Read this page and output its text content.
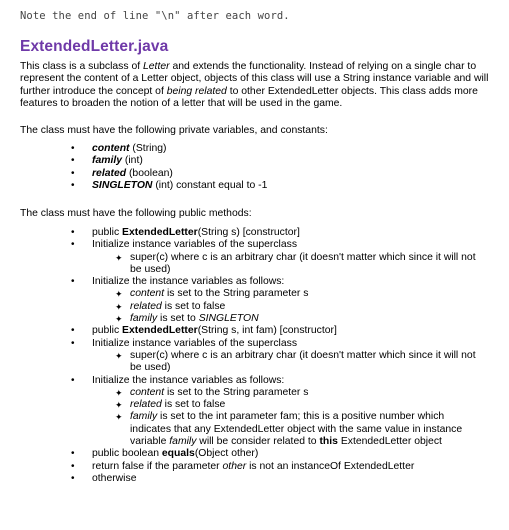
Note the end of line "\n" after each word.
ExtendedLetter.java
This class is a subclass of Letter and extends the functionality. Instead of relying on a single char to represent the content of a Letter object, objects of this class will use a String instance variable and will further introduce the concept of being related to other ExtendedLetter objects. This class adds more features to broaden the notion of a letter that will be used in the game.
The class must have the following private variables, and constants:
• content (String)
• family (int)
• related (boolean)
• SINGLETON (int) constant equal to -1
The class must have the following public methods:
• public ExtendedLetter(String s) [constructor]
• Initialize instance variables of the superclass
✦ super(c) where c is an arbitrary char (it doesn't matter which since it will not be used)
• Initialize the instance variables as follows:
✦ content is set to the String parameter s
✦ related is set to false
✦ family is set to SINGLETON
• public ExtendedLetter(String s, int fam) [constructor]
• Initialize instance variables of the superclass
✦ super(c) where c is an arbitrary char (it doesn't matter which since it will not be used)
• Initialize the instance variables as follows:
✦ content is set to the String parameter s
✦ related is set to false
✦ family is set to the int parameter fam; this is a positive number which indicates that any ExtendedLetter object with the same value in instance variable family will be consider related to this ExtendedLetter object
• public boolean equals(Object other)
• return false if the parameter other is not an instanceOf ExtendedLetter
• otherwise
